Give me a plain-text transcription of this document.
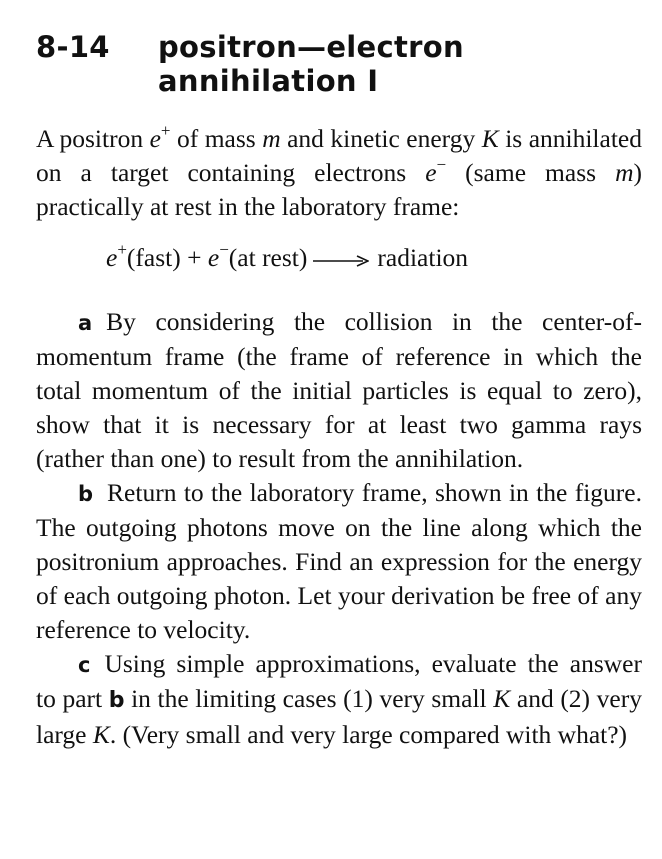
8-14	positron—electron
annihilation I

A positron e+ of mass m and kinetic energy K is annihilated on a target containing electrons e− (same mass m) practically at rest in the laboratory frame:

e+(fast) + e−(at rest) → radiation

a By considering the collision in the center-of-momentum frame (the frame of reference in which the total momentum of the initial particles is equal to zero), show that it is necessary for at least two gamma rays (rather than one) to result from the annihilation.

b Return to the laboratory frame, shown in the figure. The outgoing photons move on the line along which the positronium approaches. Find an expression for the energy of each outgoing photon. Let your derivation be free of any reference to velocity.

c Using simple approximations, evaluate the answer to part b in the limiting cases (1) very small K and (2) very large K. (Very small and very large compared with what?)
